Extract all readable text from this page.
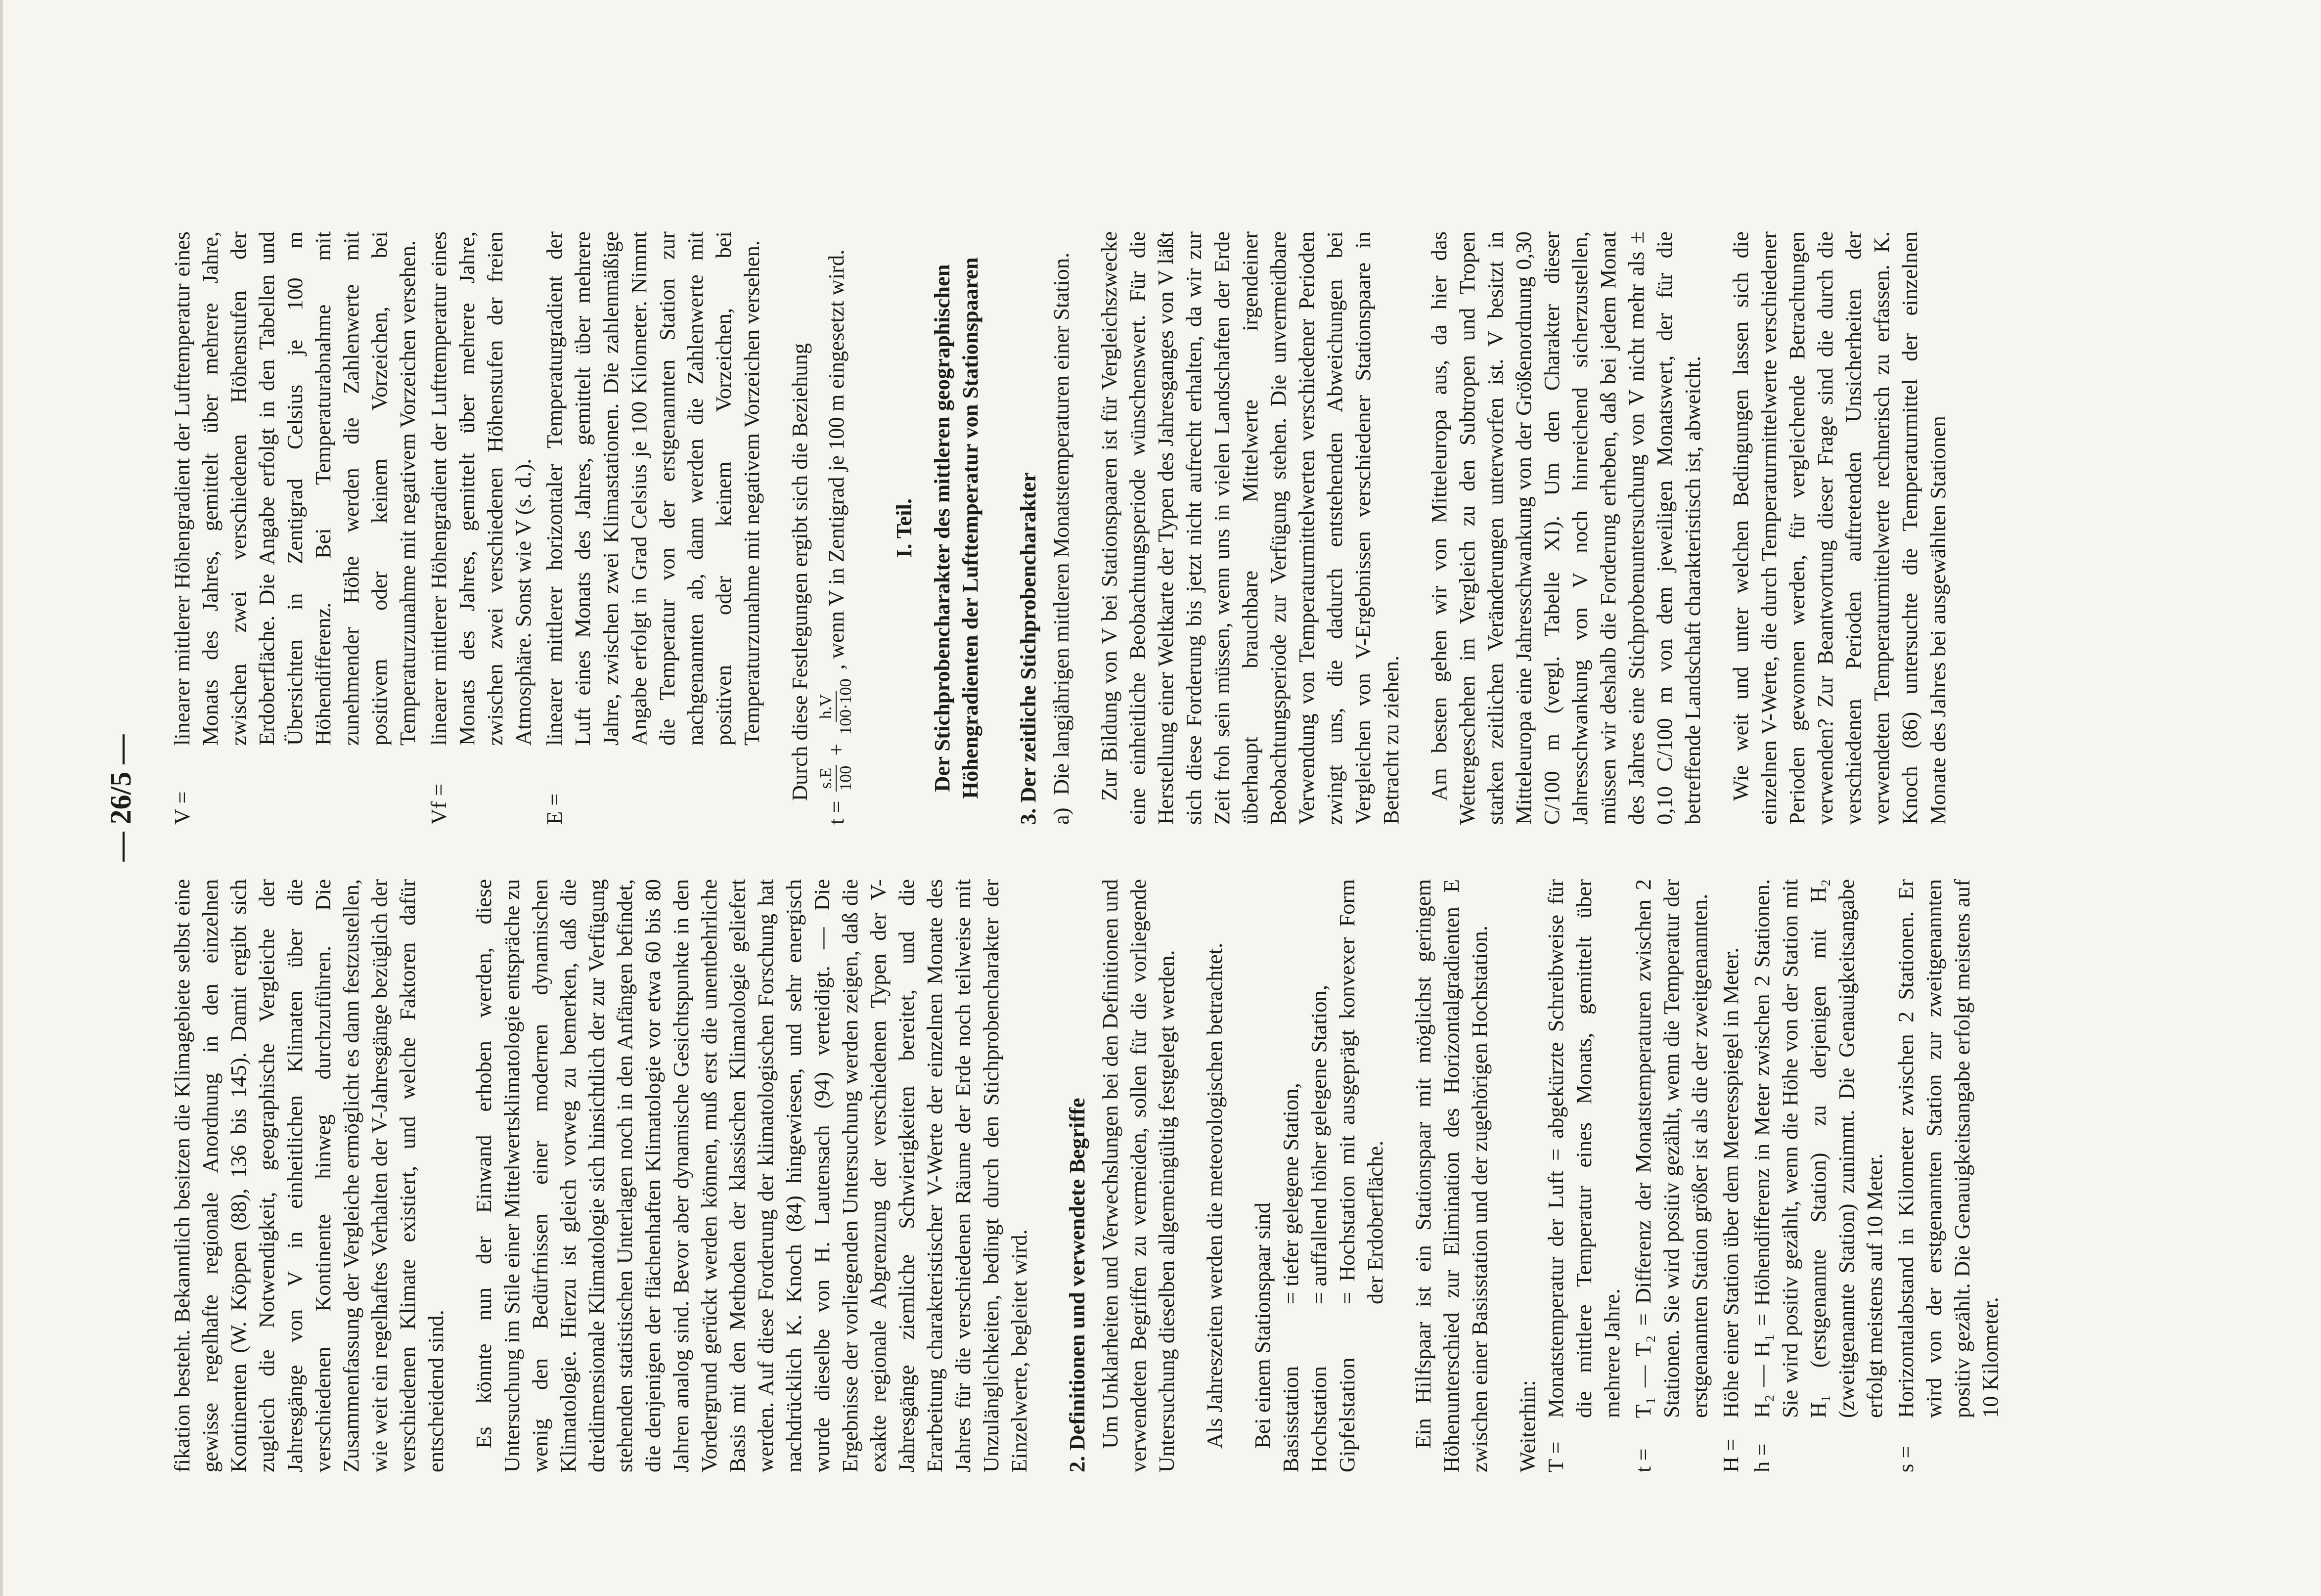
— 26/5 —

fikation besteht. Bekanntlich besitzen die Klimagebiete selbst eine gewisse regelhafte regionale Anordnung in den einzelnen Kontinenten (W. Köppen (88), 136 bis 145). Damit ergibt sich zugleich die Notwendigkeit, geographische Vergleiche der Jahresgänge von V in einheitlichen Klimaten über die verschiedenen Kontinente hinweg durchzuführen. Die Zusammenfassung der Vergleiche ermöglicht es dann festzustellen, wie weit ein regelhaftes Verhalten der V-Jahresgänge bezüglich der verschiedenen Klimate existiert, und welche Faktoren dafür entscheidend sind. Es könnte nun der Einwand erhoben werden, diese Untersuchung im Stile einer Mittelwertsklimatologie entspräche zu wenig den Bedürfnissen einer modernen dynamischen Klimatologie. Hierzu ist gleich vorweg zu bemerken, daß die dreidimensionale Klimatologie sich hinsichtlich der zur Verfügung stehenden statistischen Unterlagen noch in den Anfängen befindet, die denjenigen der flächenhaften Klimatologie vor etwa 60 bis 80 Jahren analog sind. Bevor aber dynamische Gesichtspunkte in den Vordergrund gerückt werden können, muß erst die unentbehrliche Basis mit den Methoden der klassischen Klimatologie geliefert werden. Auf diese Forderung der klimatologischen Forschung hat nachdrücklich K. Knoch (84) hingewiesen, und sehr energisch wurde dieselbe von H. Lautensach (94) verteidigt. — Die Ergebnisse der vorliegenden Untersuchung werden zeigen, daß die exakte regionale Abgrenzung der verschiedenen Typen der V-Jahresgänge ziemliche Schwierigkeiten bereitet, und die Erarbeitung charakteristischer V-Werte der einzelnen Monate des Jahres für die verschiedenen Räume der Erde noch teilweise mit Unzulänglichkeiten, bedingt durch den Stichprobencharakter der Einzelwerte, begleitet wird. 2. Definitionen und verwendete Begriffe Um Unklarheiten und Verwechslungen bei den Definitionen und verwendeten Begriffen zu vermeiden, sollen für die vorliegende Untersuchung dieselben allgemeingültig festgelegt werden. Als Jahreszeiten werden die meteorologischen betrachtet. Bei einem Stationspaar sind Basisstation
= tiefer gelegene Station,
Hochstation
= auffallend höher gelegene Station,
Gipfelstation
= Hochstation mit ausgeprägt konvexer Form der Erdoberfläche. Ein Hilfspaar ist ein Stationspaar mit möglichst geringem Höhenunterschied zur Elimination des Horizontalgradienten E zwischen einer Basisstation und der zugehörigen Hochstation. Weiterhin: T =
Monatstemperatur der Luft = abgekürzte Schreibweise für die mittlere Temperatur eines Monats, gemittelt über mehrere Jahre.
t =
T₁ — T₂ = Differenz der Monatstemperaturen zwischen 2 Stationen. Sie wird positiv gezählt, wenn die Temperatur der erstgenannten Station größer ist als die der zweitgenannten.
H =
Höhe einer Station über dem Meeresspiegel in Meter.
h =
H₂ — H₁ = Höhendifferenz in Meter zwischen 2 Stationen. Sie wird positiv gezählt, wenn die Höhe von der Station mit H₁ (erstgenannte Station) zu derjenigen mit H₂ (zweitgenannte Station) zunimmt. Die Genauigkeitsangabe erfolgt meistens auf 10 Meter.
s =
Horizontalabstand in Kilometer zwischen 2 Stationen. Er wird von der erstgenannten Station zur zweitgenannten positiv gezählt. Die Genauigkeitsangabe erfolgt meistens auf 10 Kilometer.
V =
linearer mittlerer Höhengradient der Lufttemperatur eines Monats des Jahres, gemittelt über mehrere Jahre, zwischen zwei verschiedenen Höhenstufen der Erdoberfläche. Die Angabe erfolgt in den Tabellen und Übersichten in Zentigrad Celsius je 100 m Höhendifferenz. Bei Temperaturabnahme mit zunehmender Höhe werden die Zahlenwerte mit positivem oder keinem Vorzeichen, bei Temperaturzunahme mit negativem Vorzeichen versehen.
Vf =
linearer mittlerer Höhengradient der Lufttemperatur eines Monats des Jahres, gemittelt über mehrere Jahre, zwischen zwei verschiedenen Höhenstufen der freien Atmosphäre. Sonst wie V (s. d.).
E =
linearer mittlerer horizontaler Temperaturgradient der Luft eines Monats des Jahres, gemittelt über mehrere Jahre, zwischen zwei Klimastationen. Die zahlenmäßige Angabe erfolgt in Grad Celsius je 100 Kilometer. Nimmt die Temperatur von der erstgenannten Station zur nachgenannten ab, dann werden die Zahlenwerte mit positiven oder keinem Vorzeichen, bei Temperaturzunahme mit negativem Vorzeichen versehen. Durch diese Festlegungen ergibt sich die Beziehung

t =
s.E 100
+
h.V 100·100
, wenn V in Zentigrad je 100 m eingesetzt wird. I. Teil. Der Stichprobencharakter des mittleren geographischen Höhengradienten der Lufttemperatur von Stationspaaren 3. Der zeitliche Stichprobencharakter a)
Die langjährigen mittleren Monatstemperaturen einer Station. Zur Bildung von V bei Stationspaaren ist für Vergleichszwecke eine einheitliche Beobachtungsperiode wünschenswert. Für die Herstellung einer Weltkarte der Typen des Jahresganges von V läßt sich diese Forderung bis jetzt nicht aufrecht erhalten, da wir zur Zeit froh sein müssen, wenn uns in vielen Landschaften der Erde überhaupt brauchbare Mittelwerte irgendeiner Beobachtungsperiode zur Verfügung stehen. Die unvermeidbare Verwendung von Temperaturmittelwerten verschiedener Perioden zwingt uns, die dadurch entstehenden Abweichungen bei Vergleichen von V-Ergebnissen verschiedener Stationspaare in Betracht zu ziehen. Am besten gehen wir von Mitteleuropa aus, da hier das Wettergeschehen im Vergleich zu den Subtropen und Tropen starken zeitlichen Veränderungen unterworfen ist. V besitzt in Mitteleuropa eine Jahresschwankung von der Größenordnung 0,30 C/100 m (vergl. Tabelle XI). Um den Charakter dieser Jahresschwankung von V noch hinreichend sicherzustellen, müssen wir deshalb die Forderung erheben, daß bei jedem Monat des Jahres eine Stichprobenuntersuchung von V nicht mehr als ± 0,10 C/100 m von dem jeweiligen Monatswert, der für die betreffende Landschaft charakteristisch ist, abweicht. Wie weit und unter welchen Bedingungen lassen sich die einzelnen V-Werte, die durch Temperaturmittelwerte verschiedener Perioden gewonnen werden, für vergleichende Betrachtungen verwenden? Zur Beantwortung dieser Frage sind die durch die verschiedenen Perioden auftretenden Unsicherheiten der verwendeten Temperaturmittelwerte rechnerisch zu erfassen. K. Knoch (86) untersuchte die Temperaturmittel der einzelnen Monate des Jahres bei ausgewählten Stationen
